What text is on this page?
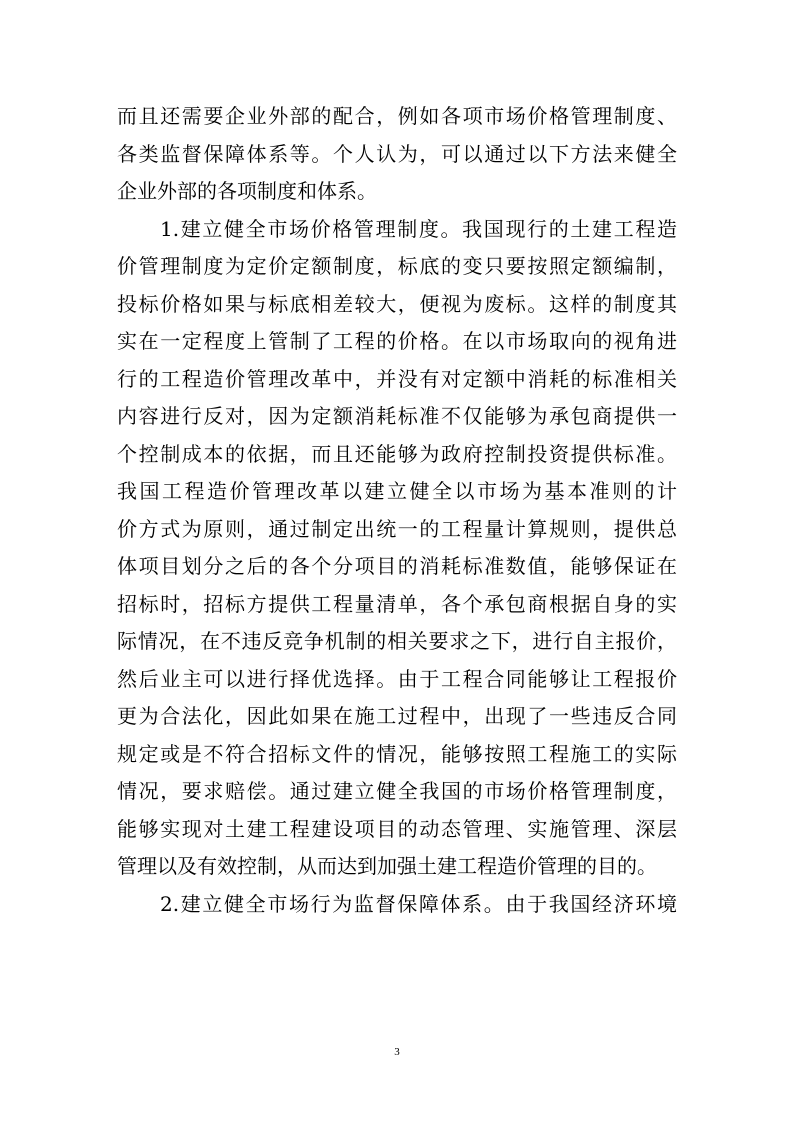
而且还需要企业外部的配合，例如各项市场价格管理制度、
各类监督保障体系等。个人认为，可以通过以下方法来健全
企业外部的各项制度和体系。
1.建立健全市场价格管理制度。我国现行的土建工程造
价管理制度为定价定额制度，标底的变只要按照定额编制，
投标价格如果与标底相差较大，便视为废标。这样的制度其
实在一定程度上管制了工程的价格。在以市场取向的视角进
行的工程造价管理改革中，并没有对定额中消耗的标准相关
内容进行反对，因为定额消耗标准不仅能够为承包商提供一
个控制成本的依据，而且还能够为政府控制投资提供标准。
我国工程造价管理改革以建立健全以市场为基本准则的计
价方式为原则，通过制定出统一的工程量计算规则，提供总
体项目划分之后的各个分项目的消耗标准数值，能够保证在
招标时，招标方提供工程量清单，各个承包商根据自身的实
际情况，在不违反竞争机制的相关要求之下，进行自主报价，
然后业主可以进行择优选择。由于工程合同能够让工程报价
更为合法化，因此如果在施工过程中，出现了一些违反合同
规定或是不符合招标文件的情况，能够按照工程施工的实际
情况，要求赔偿。通过建立健全我国的市场价格管理制度，
能够实现对土建工程建设项目的动态管理、实施管理、深层
管理以及有效控制，从而达到加强土建工程造价管理的目的。
2.建立健全市场行为监督保障体系。由于我国经济环境
3
